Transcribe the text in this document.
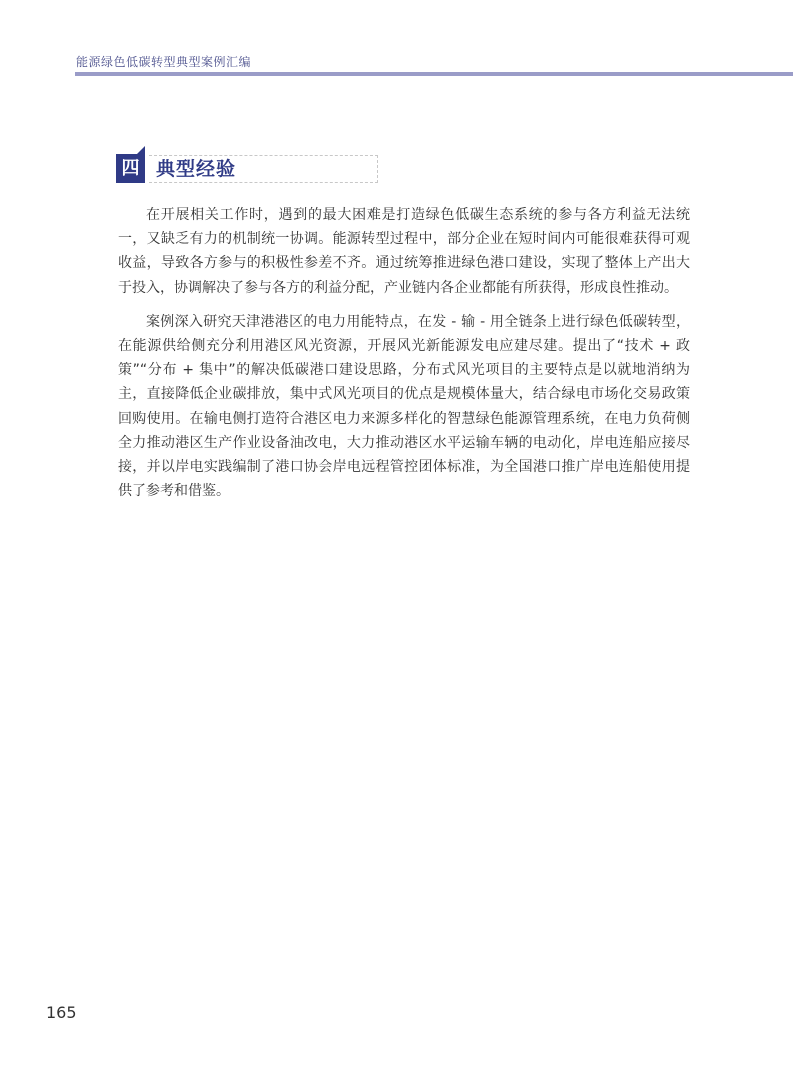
能源绿色低碳转型典型案例汇编
四 典型经验

在开展相关工作时，遇到的最大困难是打造绿色低碳生态系统的参与各方利益无法统一，又缺乏有力的机制统一协调。能源转型过程中，部分企业在短时间内可能很难获得可观收益，导致各方参与的积极性参差不齐。通过统筹推进绿色港口建设，实现了整体上产出大于投入，协调解决了参与各方的利益分配，产业链内各企业都能有所获得，形成良性推动。

案例深入研究天津港港区的电力用能特点，在发 - 输 - 用全链条上进行绿色低碳转型，在能源供给侧充分利用港区风光资源，开展风光新能源发电应建尽建。提出了“技术 + 政策”“分布 + 集中”的解决低碳港口建设思路，分布式风光项目的主要特点是以就地消纳为主，直接降低企业碳排放，集中式风光项目的优点是规模体量大，结合绿电市场化交易政策回购使用。在输电侧打造符合港区电力来源多样化的智慧绿色能源管理系统，在电力负荷侧全力推动港区生产作业设备油改电，大力推动港区水平运输车辆的电动化，岸电连船应接尽接，并以岸电实践编制了港口协会岸电远程管控团体标准，为全国港口推广岸电连船使用提供了参考和借鉴。

165
